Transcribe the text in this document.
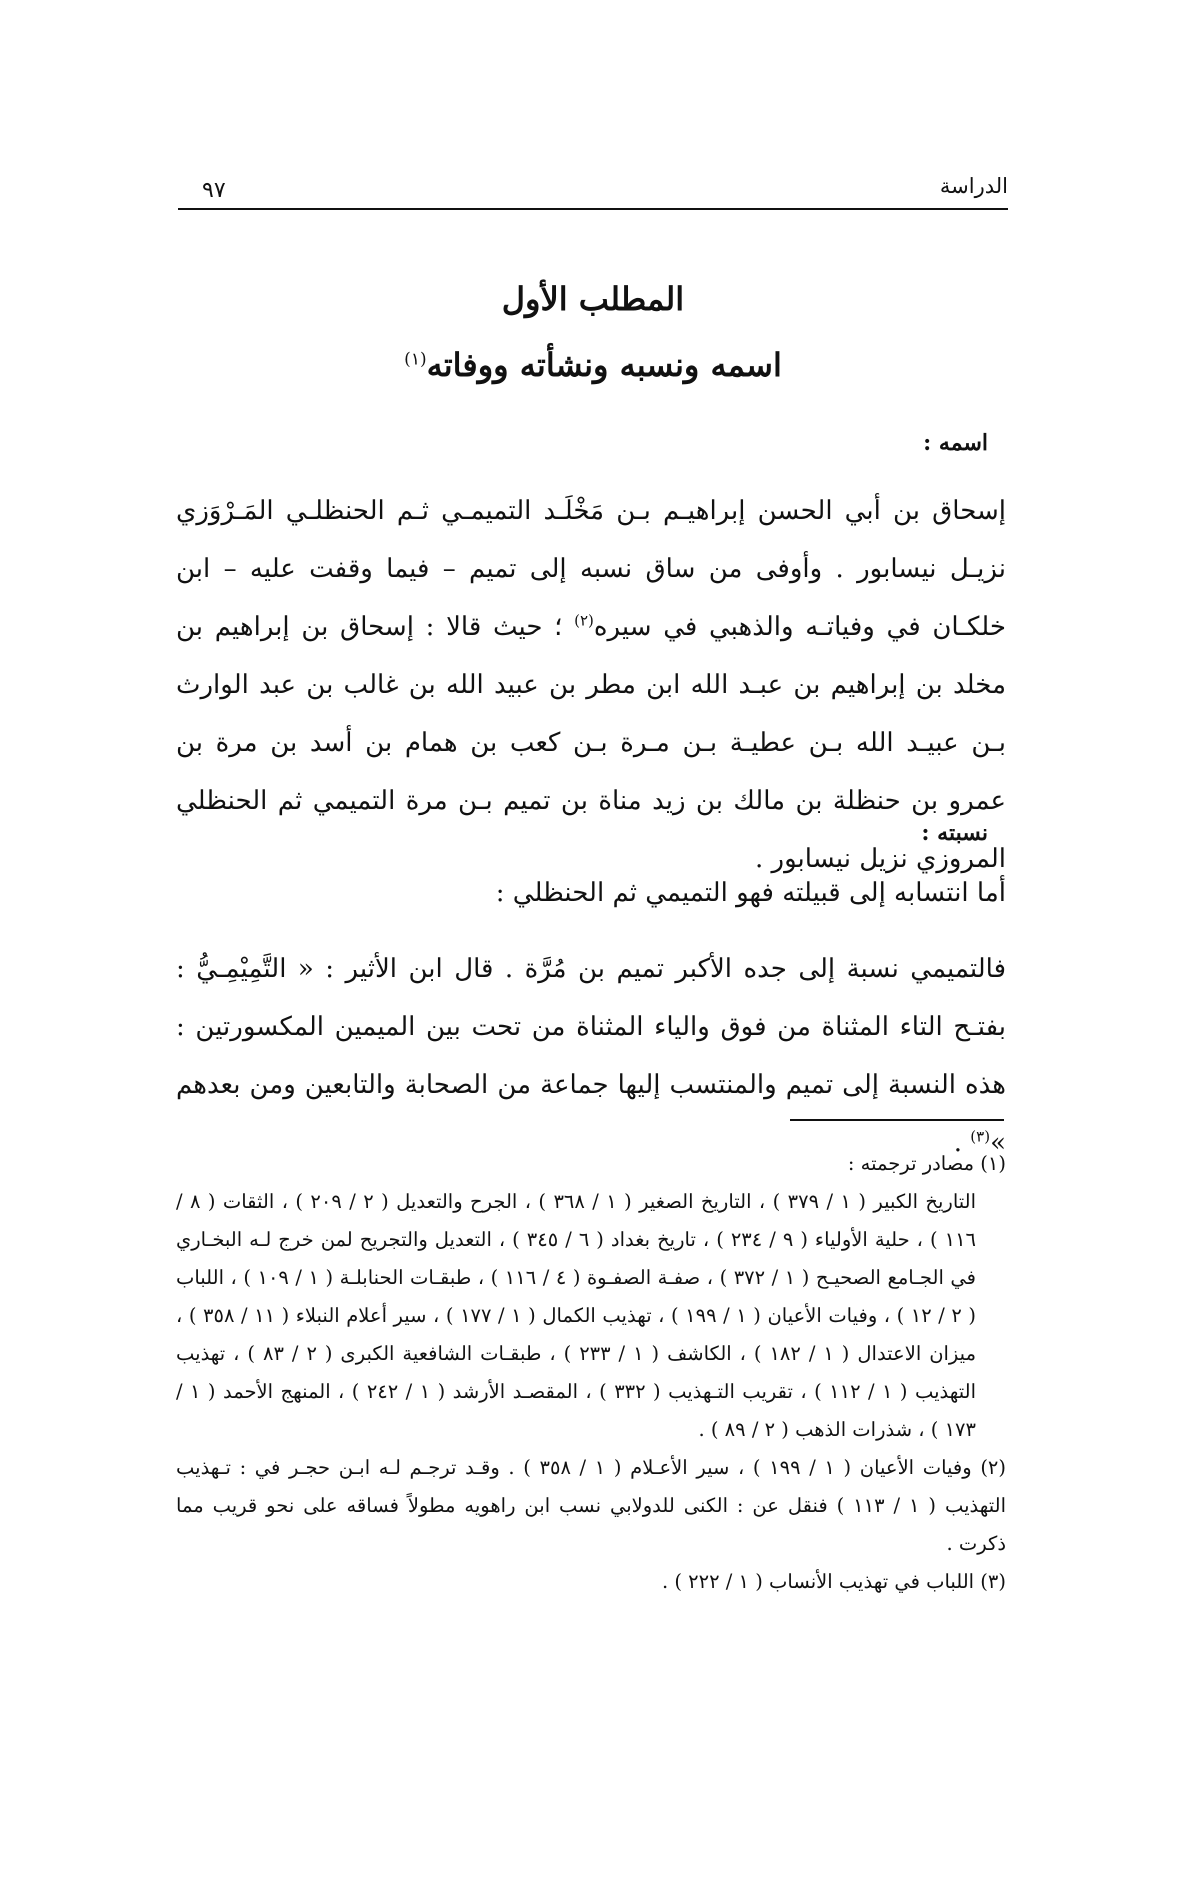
الدراسة
٩٧
المطلب الأول
اسمه ونسبه ونشأته ووفاته$^{(١)}$
اسمه :
إسحاق بن أبي الحسن إبراهيـم بـن مَخْلَـد التميمـي ثـم الحنظلـي المَـرْوَزي نزيـل نيسابور . وأوفى من ساق نسبه إلى تميم – فيما وقفت عليه – ابن خلكـان في وفياتـه والذهبي في سيره$^{(٢)}$ ؛ حيث قالا : إسحاق بن إبراهيم بن مخلد بن إبراهيم بن عبـد الله ابن مطر بن عبيد الله بن غالب بن عبد الوارث بـن عبيـد الله بـن عطيـة بـن مـرة بـن كعب بن همام بن أسد بن مرة بن عمرو بن حنظلة بن مالك بن زيد مناة بن تميم بـن مرة التميمي ثم الحنظلي المروزي نزيل نيسابور .
نسبته :
أما انتسابه إلى قبيلته فهو التميمي ثم الحنظلي :
فالتميمي نسبة إلى جده الأكبر تميم بن مُرَّة . قال ابن الأثير : « التَّمِيْمِـيُّ : بفتـح التاء المثناة من فوق والياء المثناة من تحت بين الميمين المكسورتين : هذه النسبة إلى تميم والمنتسب إليها جماعة من الصحابة والتابعين ومن بعدهم »$^{(٣)}$ .

(١) مصادر ترجمته :

التاريخ الكبير ( ١ / ٣٧٩ ) ، التاريخ الصغير ( ١ / ٣٦٨ ) ، الجرح والتعديل ( ٢ / ٢٠٩ ) ، الثقات ( ٨ / ١١٦ ) ، حلية الأولياء ( ٩ / ٢٣٤ ) ، تاريخ بغداد ( ٦ / ٣٤٥ ) ، التعديل والتجريح لمن خرج لـه البخـاري في الجـامع الصحيـح ( ١ / ٣٧٢ ) ، صفـة الصفـوة ( ٤ / ١١٦ ) ، طبقـات الحنابلـة ( ١ / ١٠٩ ) ، اللباب ( ٢ / ١٢ ) ، وفيات الأعيان ( ١ / ١٩٩ ) ، تهذيب الكمال ( ١ / ١٧٧ ) ، سير أعلام النبلاء ( ١١ / ٣٥٨ ) ، ميزان الاعتدال ( ١ / ١٨٢ ) ، الكاشف ( ١ / ٢٣٣ ) ، طبقـات الشافعية الكبرى ( ٢ / ٨٣ ) ، تهذيب التهذيب ( ١ / ١١٢ ) ، تقريب التـهذيب ( ٣٣٢ ) ، المقصـد الأرشد ( ١ / ٢٤٢ ) ، المنهج الأحمد ( ١ / ١٧٣ ) ، شذرات الذهب ( ٢ / ٨٩ ) .

(٢) وفيات الأعيان ( ١ / ١٩٩ ) ، سير الأعـلام ( ١ / ٣٥٨ ) . وقـد ترجـم لـه ابـن حجـر في : تـهذيب التهذيب ( ١ / ١١٣ ) فنقل عن : الكنى للدولابي نسب ابن راهويه مطولاً فساقه على نحو قريب مما ذكرت .

(٣) اللباب في تهذيب الأنساب ( ١ / ٢٢٢ ) .
